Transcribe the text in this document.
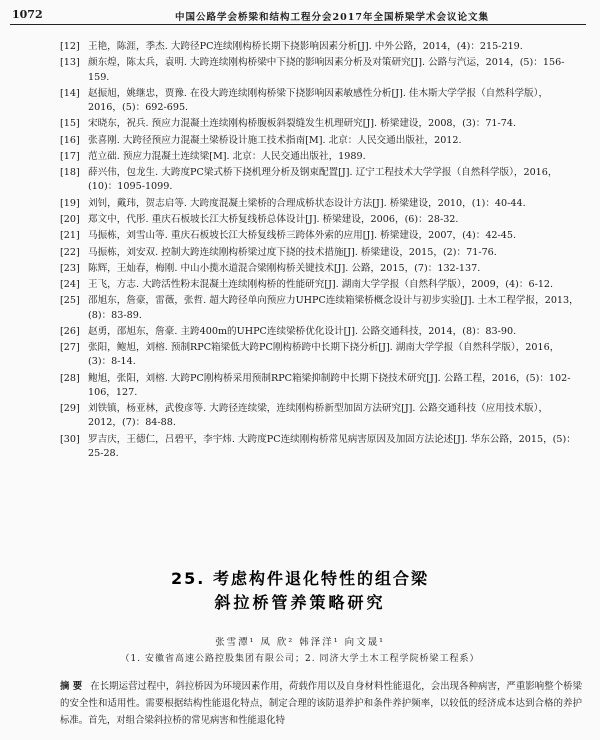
1072	中国公路学会桥梁和结构工程分会2017年全国桥梁学术会议论文集
[12] 王艳，陈涯，季杰. 大跨径PC连续刚构桥长期下挠影响因素分析[J]. 中外公路，2014，(4)：215-219.
[13] 颜东煌，陈太兵，袁明. 大跨连续刚构桥梁中下挠的影响因素分析及对策研究[J]. 公路与汽运，2014，(5)：156-159.
[14] 赵振旭，姚继忠，贾豫. 在役大跨连续刚构桥梁下挠影响因素敏感性分析[J]. 佳木斯大学学报（自然科学版），2016，(5)：692-695.
[15] 宋晓东，祝兵. 预应力混凝土连续刚构桥腹板斜裂缝发生机理研究[J]. 桥梁建设，2008，(3)：71-74.
[16] 张喜刚. 大跨径预应力混凝土梁桥设计施工技术指南[M]. 北京：人民交通出版社，2012.
[17] 范立础. 预应力混凝土连续梁[M]. 北京：人民交通出版社，1989.
[18] 薛兴伟，包龙生. 大跨度PC梁式桥下挠机理分析及钢束配置[J]. 辽宁工程技术大学学报（自然科学版），2016，(10)：1095-1099.
[19] 刘钊，戴玮，贺志启等. 大跨度混凝土梁桥的合理成桥状态设计方法[J]. 桥梁建设，2010，(1)：40-44.
[20] 郑文中，代彤. 重庆石板坡长江大桥复线桥总体设计[J]. 桥梁建设，2006，(6)：28-32.
[21] 马振栋，刘雪山等. 重庆石板坡长江大桥复线桥三跨体外索的应用[J]. 桥梁建设，2007，(4)：42-45.
[22] 马振栋，刘安双. 控制大跨连续刚构桥梁过度下挠的技术措施[J]. 桥梁建设，2015，(2)：71-76.
[23] 陈辉，王灿春，梅刚. 中山小揽水道混合梁刚构桥关键技术[J]. 公路，2015，(7)：132-137.
[24] 王飞，方志. 大跨活性粉末混凝土连续刚构桥的性能研究[J]. 湖南大学学报（自然科学版），2009，(4)：6-12.
[25] 邵旭东，詹豪，雷薇，张哲. 超大跨径单向预应力UHPC连续箱梁桥概念设计与初步实验[J]. 土木工程学报，2013，(8)：83-89.
[26] 赵勇，邵旭东，詹豪. 主跨400m的UHPC连续梁桥优化设计[J]. 公路交通科技，2014，(8)：83-90.
[27] 张阳，鲍旭，刘榕. 预制RPC箱梁低大跨PC刚构桥跨中长期下挠分析[J]. 湖南大学学报（自然科学版），2016，(3)：8-14.
[28] 鲍旭，张阳，刘榕. 大跨PC刚构桥采用预制RPC箱梁抑制跨中长期下挠技术研究[J]. 公路工程，2016，(5)：102-106，127.
[29] 刘铁镇，杨亚林，武俊彦等. 大跨径连续梁，连续刚构桥新型加固方法研究[J]. 公路交通科技（应用技术版），2012，(7)：84-88.
[30] 罗吉庆，王德仁，吕碧平，李宇炜. 大跨度PC连续刚构桥常见病害原因及加固方法论述[J]. 华东公路，2015，(5)：25-28.
25. 考虑构件退化特性的组合梁
斜拉桥管养策略研究
张雪潭¹ 凤 欣² 韩泽洋¹ 向文晟¹
（1. 安徽省高速公路控股集团有限公司；2. 同济大学土木工程学院桥梁工程系）
摘 要 在长期运营过程中，斜拉桥因为环境因素作用，荷载作用以及自身材料性能退化，会出现各种病害，严重影响整个桥梁的安全性和适用性。需要根据结构性能退化特点，制定合理的该防退养护和条件养护频率，以较低的经济成本达到合格的养护标准。首先，对组合梁斜拉桥的常见病害和性能退化特
